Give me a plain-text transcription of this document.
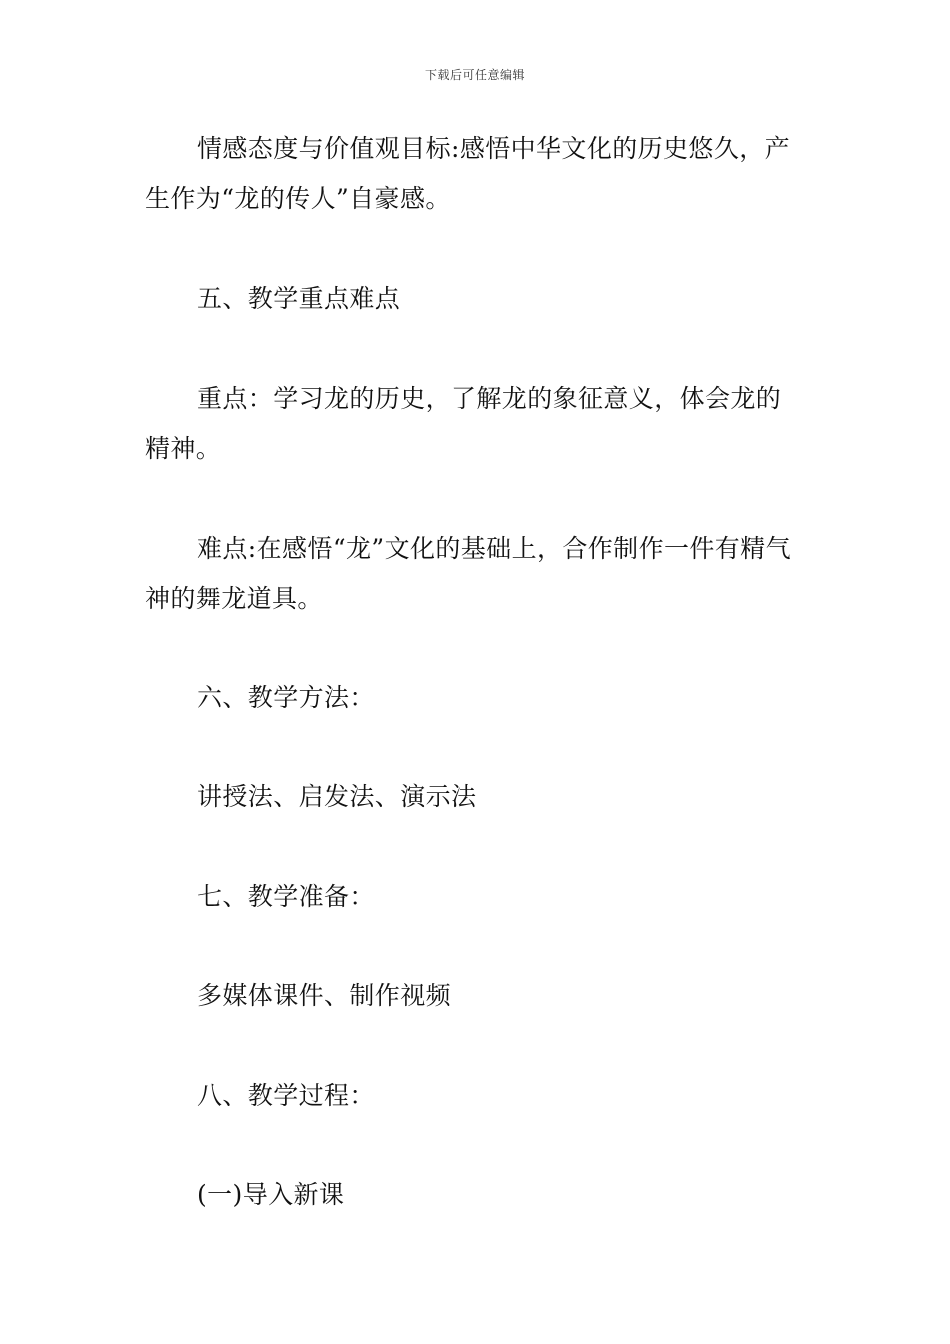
下载后可任意编辑

情感态度与价值观目标:感悟中华文化的历史悠久，产生作为“龙的传人”自豪感。

五、教学重点难点

重点：学习龙的历史，了解龙的象征意义，体会龙的精神。

难点:在感悟“龙”文化的基础上，合作制作一件有精气神的舞龙道具。

六、教学方法：

讲授法、启发法、演示法

七、教学准备：

多媒体课件、制作视频

八、教学过程：

(一)导入新课
